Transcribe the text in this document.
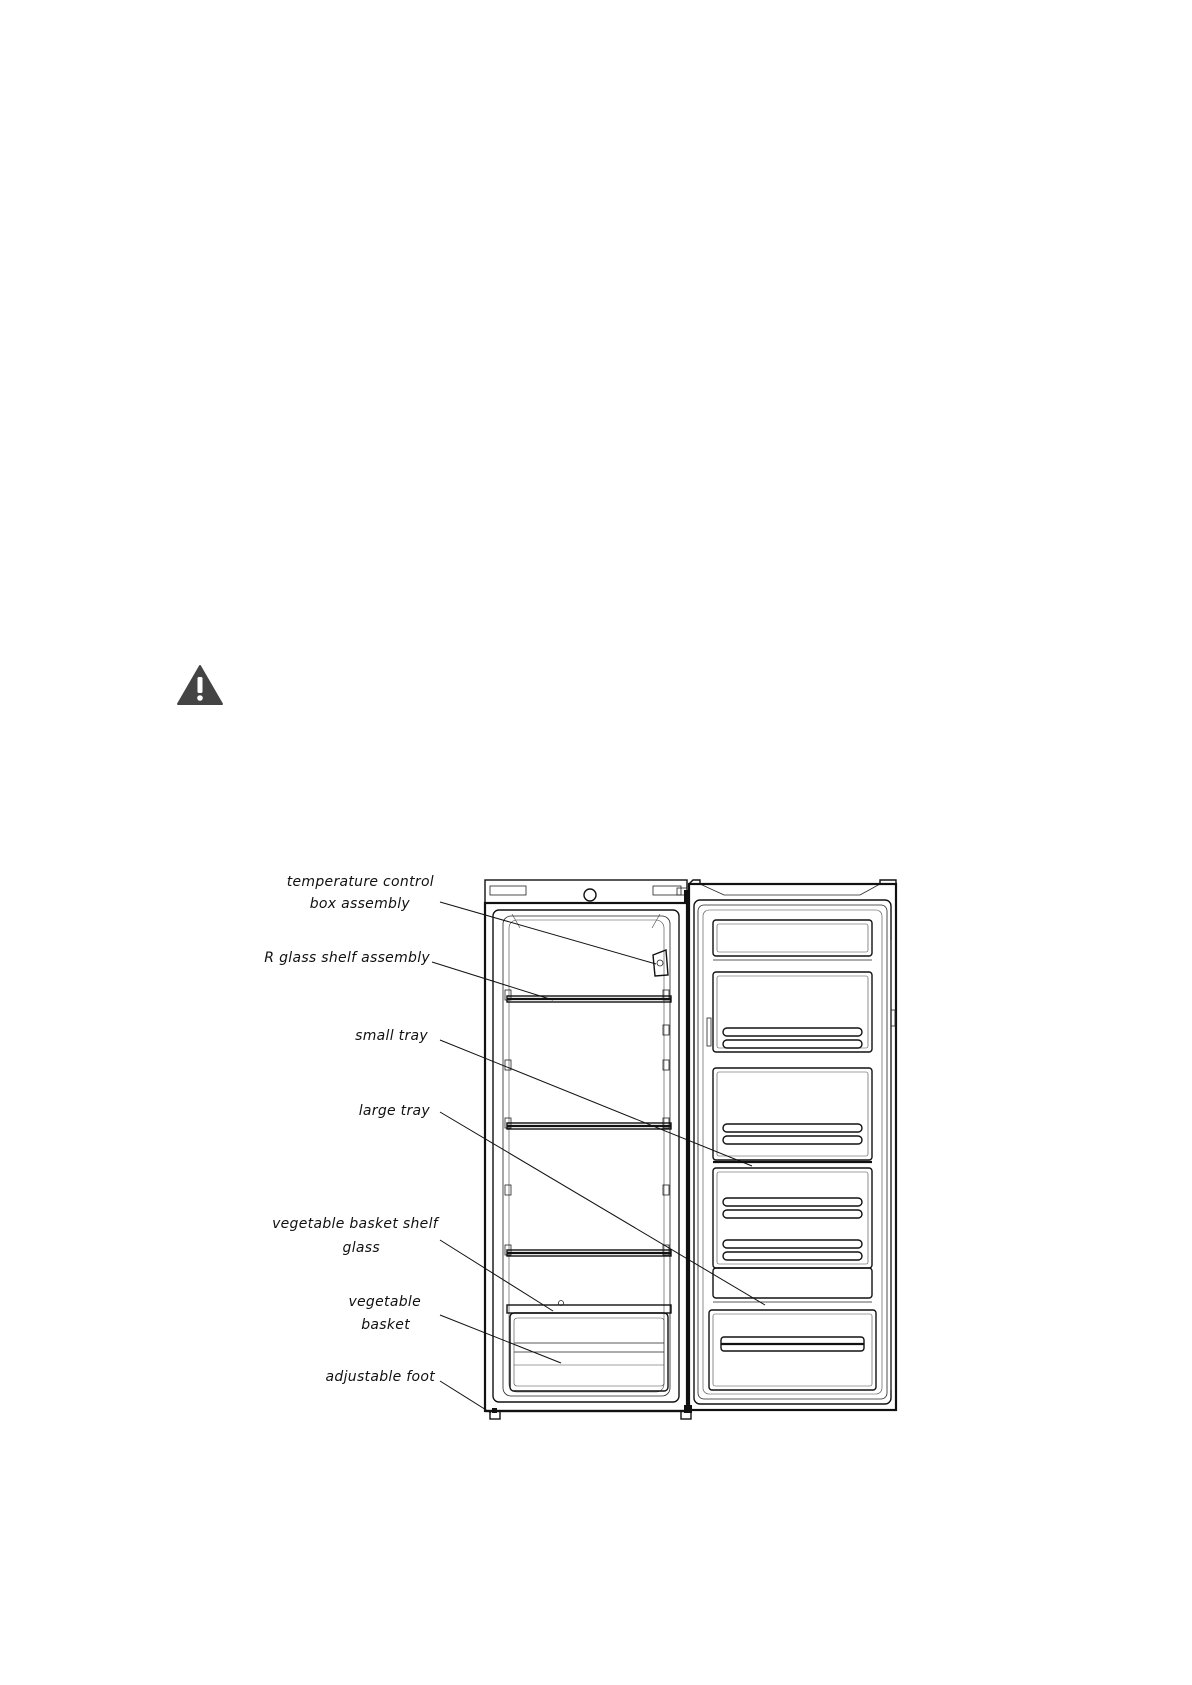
temperature control
box assembly
R glass shelf assembly
small tray
large tray
vegetable basket shelf
glass
vegetable
basket
adjustable foot
